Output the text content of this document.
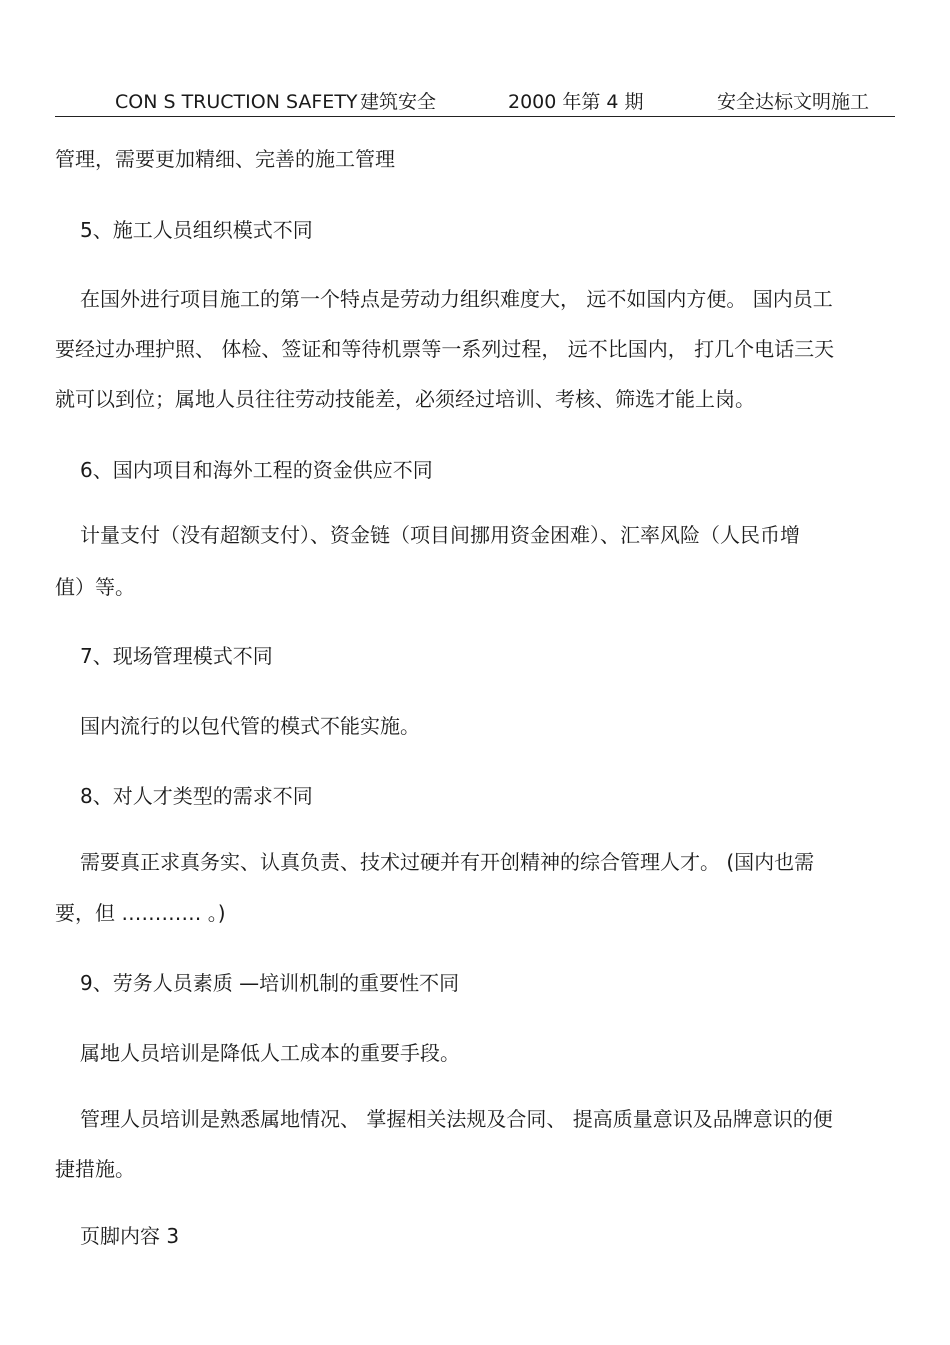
CON S TRUCTION SAFETY 建筑安全	2000 年第 4 期	安全达标文明施工
管理，需要更加精细、完善的施工管理
5、施工人员组织模式不同
在国外进行项目施工的第一个特点是劳动力组织难度大， 远不如国内方便。 国内员工
要经过办理护照、 体检、签证和等待机票等一系列过程， 远不比国内， 打几个电话三天
就可以到位；属地人员往往劳动技能差，必须经过培训、考核、筛选才能上岗。
6、国内项目和海外工程的资金供应不同
计量支付（没有超额支付）、资金链（项目间挪用资金困难）、汇率风险（人民币增
值）等。
7、现场管理模式不同
国内流行的以包代管的模式不能实施。
8、对人才类型的需求不同
需要真正求真务实、认真负责、技术过硬并有开创精神的综合管理人才。 (国内也需
要，但 ………… 。)
9、劳务人员素质 —培训机制的重要性不同
属地人员培训是降低人工成本的重要手段。
管理人员培训是熟悉属地情况、 掌握相关法规及合同、 提高质量意识及品牌意识的便
捷措施。
页脚内容 3
